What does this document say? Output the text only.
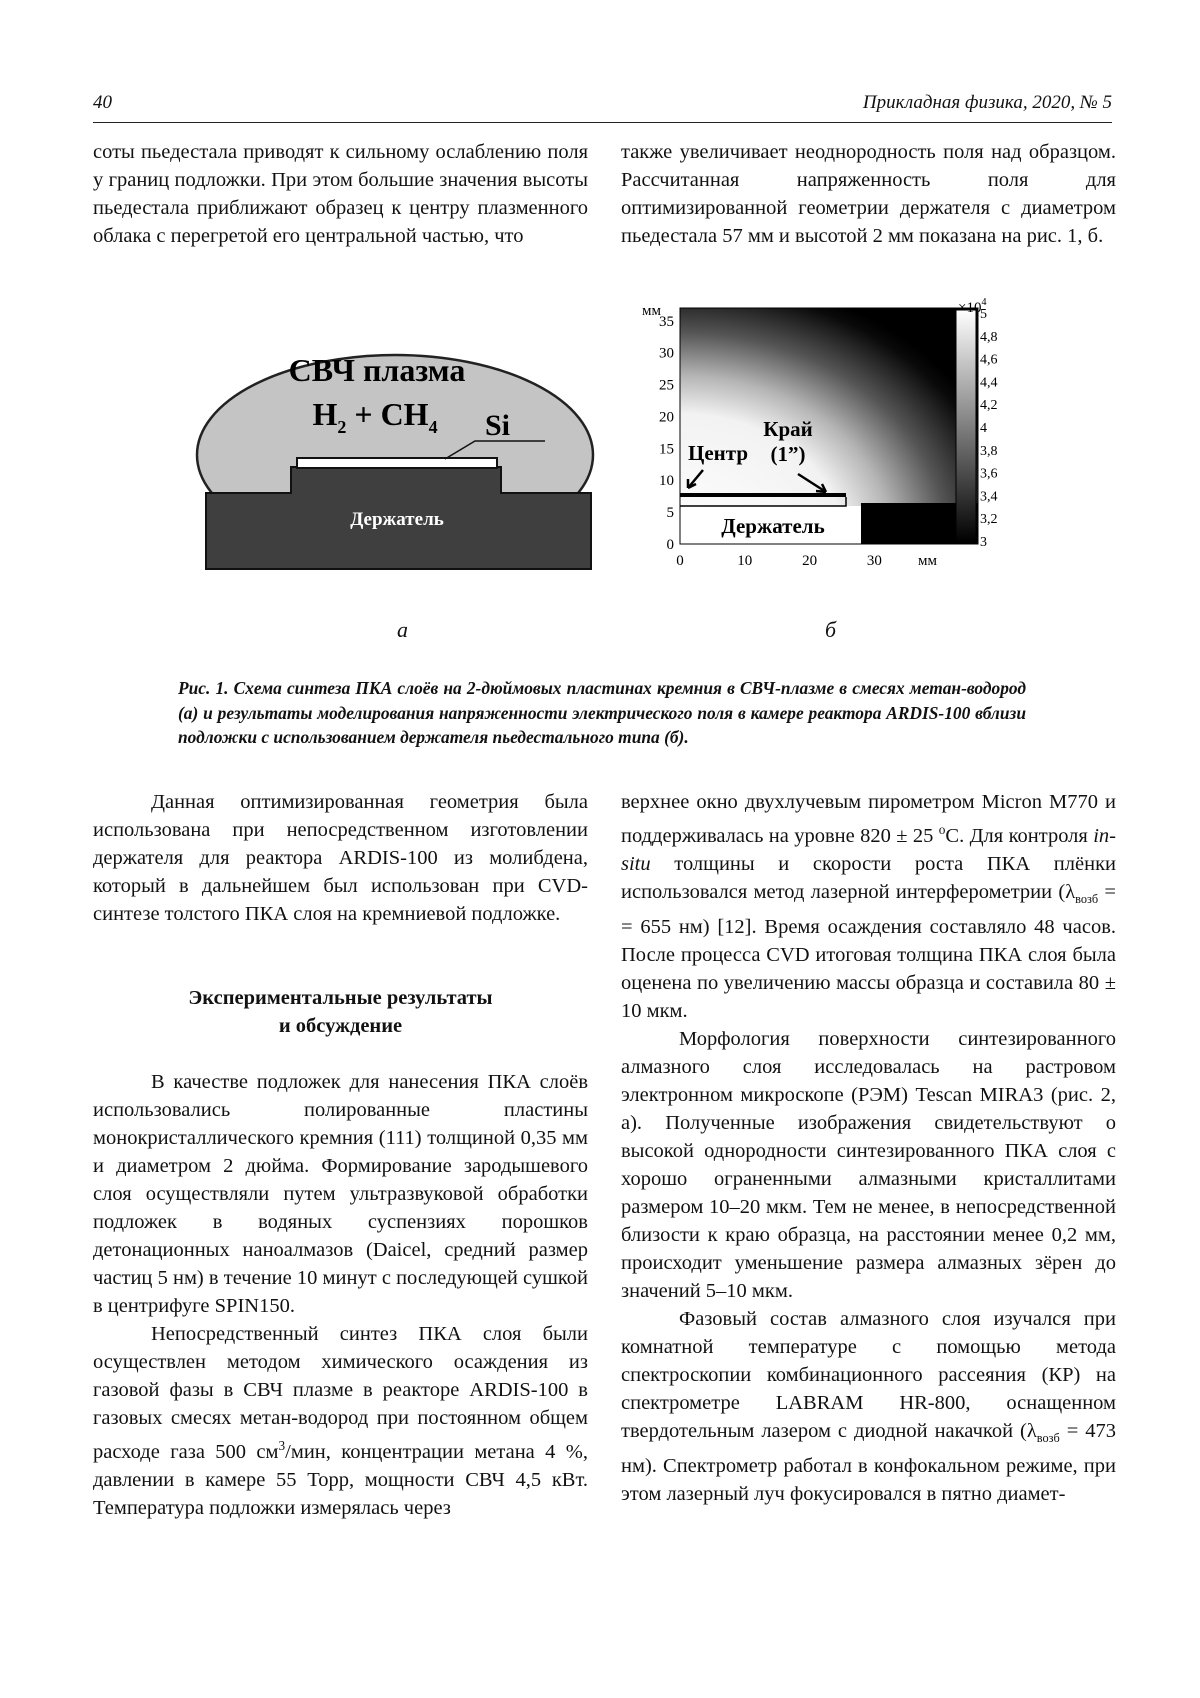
40	Прикладная физика, 2020, № 5

соты пьедестала приводят к сильному ослаблению поля у границ подложки. При этом большие значения высоты пьедестала приближают образец к центру плазменного облака с перегретой его центральной частью, что

также увеличивает неоднородность поля над образцом. Рассчитанная напряженность поля для оптимизированной геометрии держателя с диаметром пьедестала 57 мм и высотой 2 мм показана на рис. 1, б.

СВЧ плазма
$H_2 + CH_4$ Si
Держатель
а
Центр
Край
(1”)
Держатель
мм
35
30
25
20
15
10
5
0
0	10	20	30 мм
$\times 10^4$
5
4,8
4,6
4,4
4,2
4
3,8
3,6
3,4
3,2
3
б

Рис. 1. Схема синтеза ПКА слоёв на 2-дюймовых пластинах кремния в СВЧ-плазме в смесях метан-водород (а) и результаты моделирования напряженности электрического поля в камере реактора ARDIS-100 вблизи подложки с использованием держателя пьедестального типа (б).

Данная оптимизированная геометрия была использована при непосредственном изготовлении держателя для реактора ARDIS-100 из молибдена, который в дальнейшем был использован при CVD-синтезе толстого ПКА слоя на кремниевой подложке.

Экспериментальные результаты

и обсуждение

В качестве подложек для нанесения ПКА слоёв использовались полированные пластины монокристаллического кремния (111) толщиной 0,35 мм и диаметром 2 дюйма. Формирование зародышевого слоя осуществляли путем ультразвуковой обработки подложек в водяных суспензиях порошков детонационных наноалмазов (Daicel, средний размер частиц 5 нм) в течение 10 минут с последующей сушкой в центрифуге SPIN150.

Непосредственный синтез ПКА слоя были осуществлен методом химического осаждения из газовой фазы в СВЧ плазме в реакторе ARDIS-100 в газовых смесях метан-водород при постоянном общем расходе газа 500 $см^3$/мин, концентрации метана 4 %, давлении в камере 55 Торр, мощности СВЧ 4,5 кВт. Температура подложки измерялась через

верхнее окно двухлучевым пирометром Micron M770 и поддерживалась на уровне 820 ± 25 $^o$C. Для контроля in-situ толщины и скорости роста ПКА плёнки использовался метод лазерной интерферометрии ($\lambda_{возб}$ = = 655 нм) [12]. Время осаждения составляло 48 часов. После процесса CVD итоговая толщина ПКА слоя была оценена по увеличению массы образца и составила 80 ± 10 мкм.

Морфология поверхности синтезированного алмазного слоя исследовалась на растровом электронном микроскопе (РЭМ) Tescan MIRA3 (рис. 2, а). Полученные изображения свидетельствуют о высокой однородности синтезированного ПКА слоя с хорошо ограненными алмазными кристаллитами размером 10–20 мкм. Тем не менее, в непосредственной близости к краю образца, на расстоянии менее 0,2 мм, происходит уменьшение размера алмазных зёрен до значений 5–10 мкм.

Фазовый состав алмазного слоя изучался при комнатной температуре с помощью метода спектроскопии комбинационного рассеяния (КР) на спектрометре LABRAM HR-800, оснащенном твердотельным лазером с диодной накачкой ($\lambda_{возб} = 473$ нм). Спектрометр работал в конфокальном режиме, при этом лазерный луч фокусировался в пятно диамет-
